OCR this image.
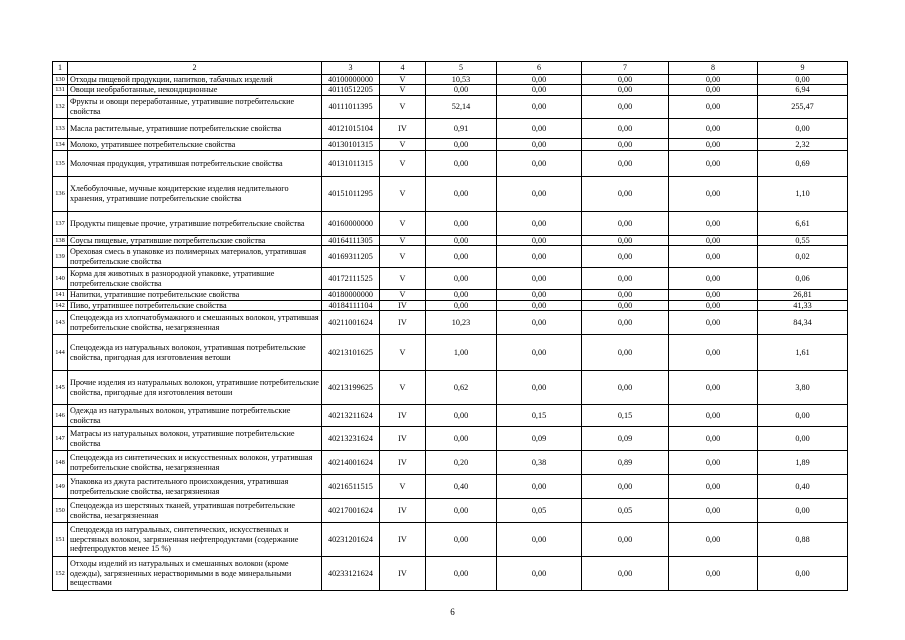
1	2	3	4	5	6	7	8	9
130	Отходы пищевой продукции, напитков, табачных изделий	40100000000	V	10,53	0,00	0,00	0,00	0,00
131	Овощи необработанные, некондиционные	40110512205	V	0,00	0,00	0,00	0,00	6,94
132	Фрукты и овощи переработанные, утратившие потребительские свойства	40111011395	V	52,14	0,00	0,00	0,00	255,47
133	Масла растительные, утратившие потребительские свойства	40121015104	IV	0,91	0,00	0,00	0,00	0,00
134	Молоко, утратившее потребительские свойства	40130101315	V	0,00	0,00	0,00	0,00	2,32
135	Молочная продукция, утратившая потребительские свойства	40131011315	V	0,00	0,00	0,00	0,00	0,69
136	Хлебобулочные, мучные кондитерские изделия недлительного хранения, утратившие потребительские свойства	40151011295	V	0,00	0,00	0,00	0,00	1,10
137	Продукты пищевые прочие, утратившие потребительские свойства	40160000000	V	0,00	0,00	0,00	0,00	6,61
138	Соусы пищевые, утратившие потребительские свойства	40164111305	V	0,00	0,00	0,00	0,00	0,55
139	Ореховая смесь в упаковке из полимерных материалов, утратившая потребительские свойства	40169311205	V	0,00	0,00	0,00	0,00	0,02
140	Корма для животных в разнородной упаковке, утратившие потребительские свойства	40172111525	V	0,00	0,00	0,00	0,00	0,06
141	Напитки, утратившие потребительские свойства	40180000000	V	0,00	0,00	0,00	0,00	26,81
142	Пиво, утратившее потребительские свойства	40184111104	IV	0,00	0,00	0,00	0,00	41,33
143	Спецодежда из хлопчатобумажного и смешанных волокон, утратившая потребительские свойства, незагрязненная	40211001624	IV	10,23	0,00	0,00	0,00	84,34
144	Спецодежда из натуральных волокон, утратившая потребительские свойства, пригодная для изготовления ветоши	40213101625	V	1,00	0,00	0,00	0,00	1,61
145	Прочие изделия из натуральных волокон, утратившие потребительские свойства, пригодные для изготовления ветоши	40213199625	V	0,62	0,00	0,00	0,00	3,80
146	Одежда из натуральных волокон, утратившие потребительские свойства	40213211624	IV	0,00	0,15	0,15	0,00	0,00
147	Матрасы из натуральных волокон, утратившие потребительские свойства	40213231624	IV	0,00	0,09	0,09	0,00	0,00
148	Спецодежда из синтетических и искусственных волокон, утратившая потребительские свойства, незагрязненная	40214001624	IV	0,20	0,38	0,89	0,00	1,89
149	Упаковка из джута растительного происхождения, утратившая потребительские свойства, незагрязненная	40216511515	V	0,40	0,00	0,00	0,00	0,40
150	Спецодежда из шерстяных тканей, утратившая потребительские свойства, незагрязненная	40217001624	IV	0,00	0,05	0,05	0,00	0,00
151	Спецодежда из натуральных, синтетических, искусственных и шерстяных волокон, загрязненная нефтепродуктами (содержание нефтепродуктов менее 15 %)	40231201624	IV	0,00	0,00	0,00	0,00	0,88
152	Отходы изделий из натуральных и смешанных волокон (кроме одежды), загрязненных нерастворимыми в воде минеральными веществами	40233121624	IV	0,00	0,00	0,00	0,00	0,00
6
